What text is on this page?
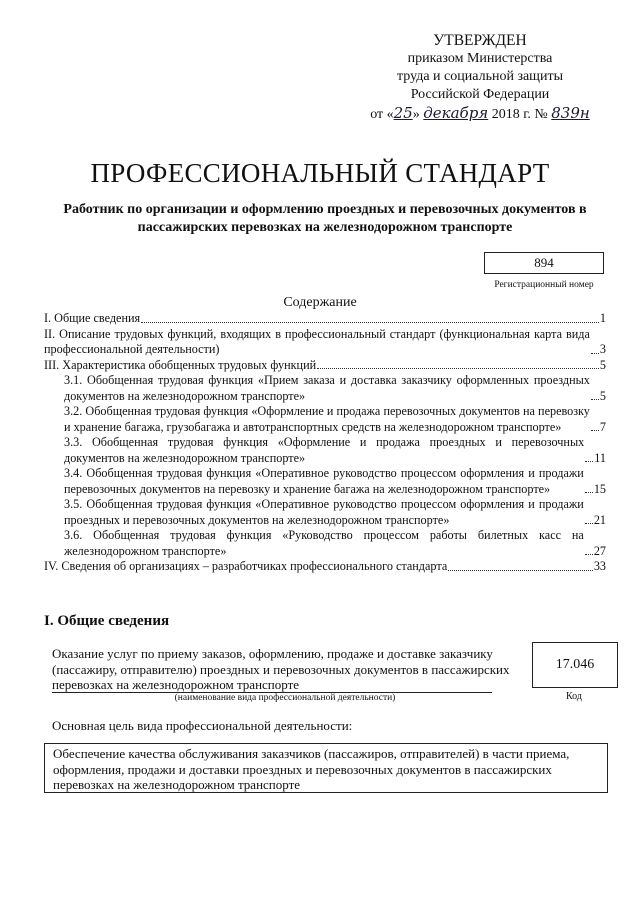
УТВЕРЖДЕН
приказом Министерства
труда и социальной защиты
Российской Федерации
от «25» декабря 2018 г. № 839н
ПРОФЕССИОНАЛЬНЫЙ СТАНДАРТ
Работник по организации и оформлению проездных и перевозочных документов в пассажирских перевозках на железнодорожном транспорте
894
Регистрационный номер
Содержание
I. Общие сведения	1
II. Описание трудовых функций, входящих в профессиональный стандарт (функциональная карта вида профессиональной деятельности)	3
III. Характеристика обобщенных трудовых функций	5
3.1. Обобщенная трудовая функция «Прием заказа и доставка заказчику оформленных проездных документов на железнодорожном транспорте»	5
3.2. Обобщенная трудовая функция «Оформление и продажа перевозочных документов на перевозку и хранение багажа, грузобагажа и автотранспортных средств на железнодорожном транспорте»	7
3.3. Обобщенная трудовая функция «Оформление и продажа проездных и перевозочных документов на железнодорожном транспорте»	11
3.4. Обобщенная трудовая функция «Оперативное руководство процессом оформления и продажи перевозочных документов на перевозку и хранение багажа на железнодорожном транспорте»	15
3.5. Обобщенная трудовая функция «Оперативное руководство процессом оформления и продажи проездных и перевозочных документов на железнодорожном транспорте»	21
3.6. Обобщенная трудовая функция «Руководство процессом работы билетных касс на железнодорожном транспорте»	27
IV. Сведения об организациях – разработчиках профессионального стандарта	33
I. Общие сведения
Оказание услуг по приему заказов, оформлению, продаже и доставке заказчику (пассажиру, отправителю) проездных и перевозочных документов в пассажирских перевозках на железнодорожном транспорте
(наименование вида профессиональной деятельности)
17.046
Код
Основная цель вида профессиональной деятельности:
Обеспечение качества обслуживания заказчиков (пассажиров, отправителей) в части приема, оформления, продажи и доставки проездных и перевозочных документов в пассажирских перевозках на железнодорожном транспорте
